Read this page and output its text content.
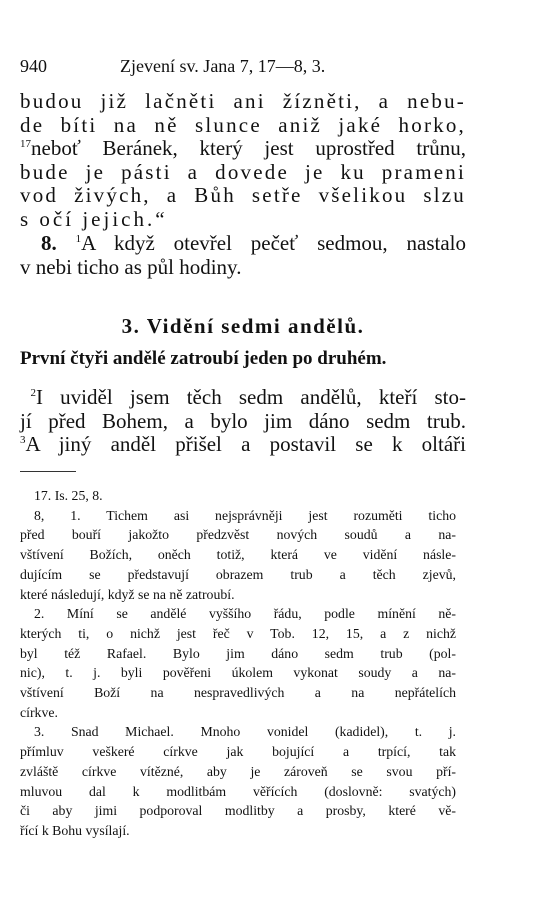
940	Zjevení sv. Jana 7, 17—8, 3.
budou již lačněti ani žízněti, a nebu-
de bíti na ně slunce aniž jaké horko,
$^{17}$neboť Beránek, který jest uprostřed trůnu,
bude je pásti a dovede je ku prameni
vod živých, a Bůh setře všelikou slzu
s očí jejich.“
 8. $^1$A když otevřel pečeť sedmou, nastalo
v nebi ticho as půl hodiny.
3. Vidění sedmi andělů.
První čtyři andělé zatroubí jeden po druhém.
 $^2$I uviděl jsem těch sedm andělů, kteří sto-
jí před Bohem, a bylo jim dáno sedm trub.
$^3$A jiný anděl přišel a postavil se k oltáři
17. Is. 25, 8.
8, 1. Tichem asi nejsprávněji jest rozuměti ticho
před bouří jakožto předzvěst nových soudů a na-
vštívení Božích, oněch totiž, která ve vidění násle-
dujícím se představují obrazem trub a těch zjevů,
které následují, když se na ně zatroubí.
2. Míní se andělé vyššího řádu, podle mínění ně-
kterých ti, o nichž jest řeč v Tob. 12, 15, a z nichž
byl též Rafael. Bylo jim dáno sedm trub (pol-
nic), t. j. byli pověřeni úkolem vykonat soudy a na-
vštívení Boží na nespravedlivých a na nepřátelích
církve.
3. Snad Michael. Mnoho vonidel (kadidel), t. j.
přímluv veškeré církve jak bojující a trpící, tak
zvláště církve vítězné, aby je zároveň se svou pří-
mluvou dal k modlitbám věřících (doslovně: svatých)
či aby jimi podporoval modlitby a prosby, které vě-
řící k Bohu vysílají.
